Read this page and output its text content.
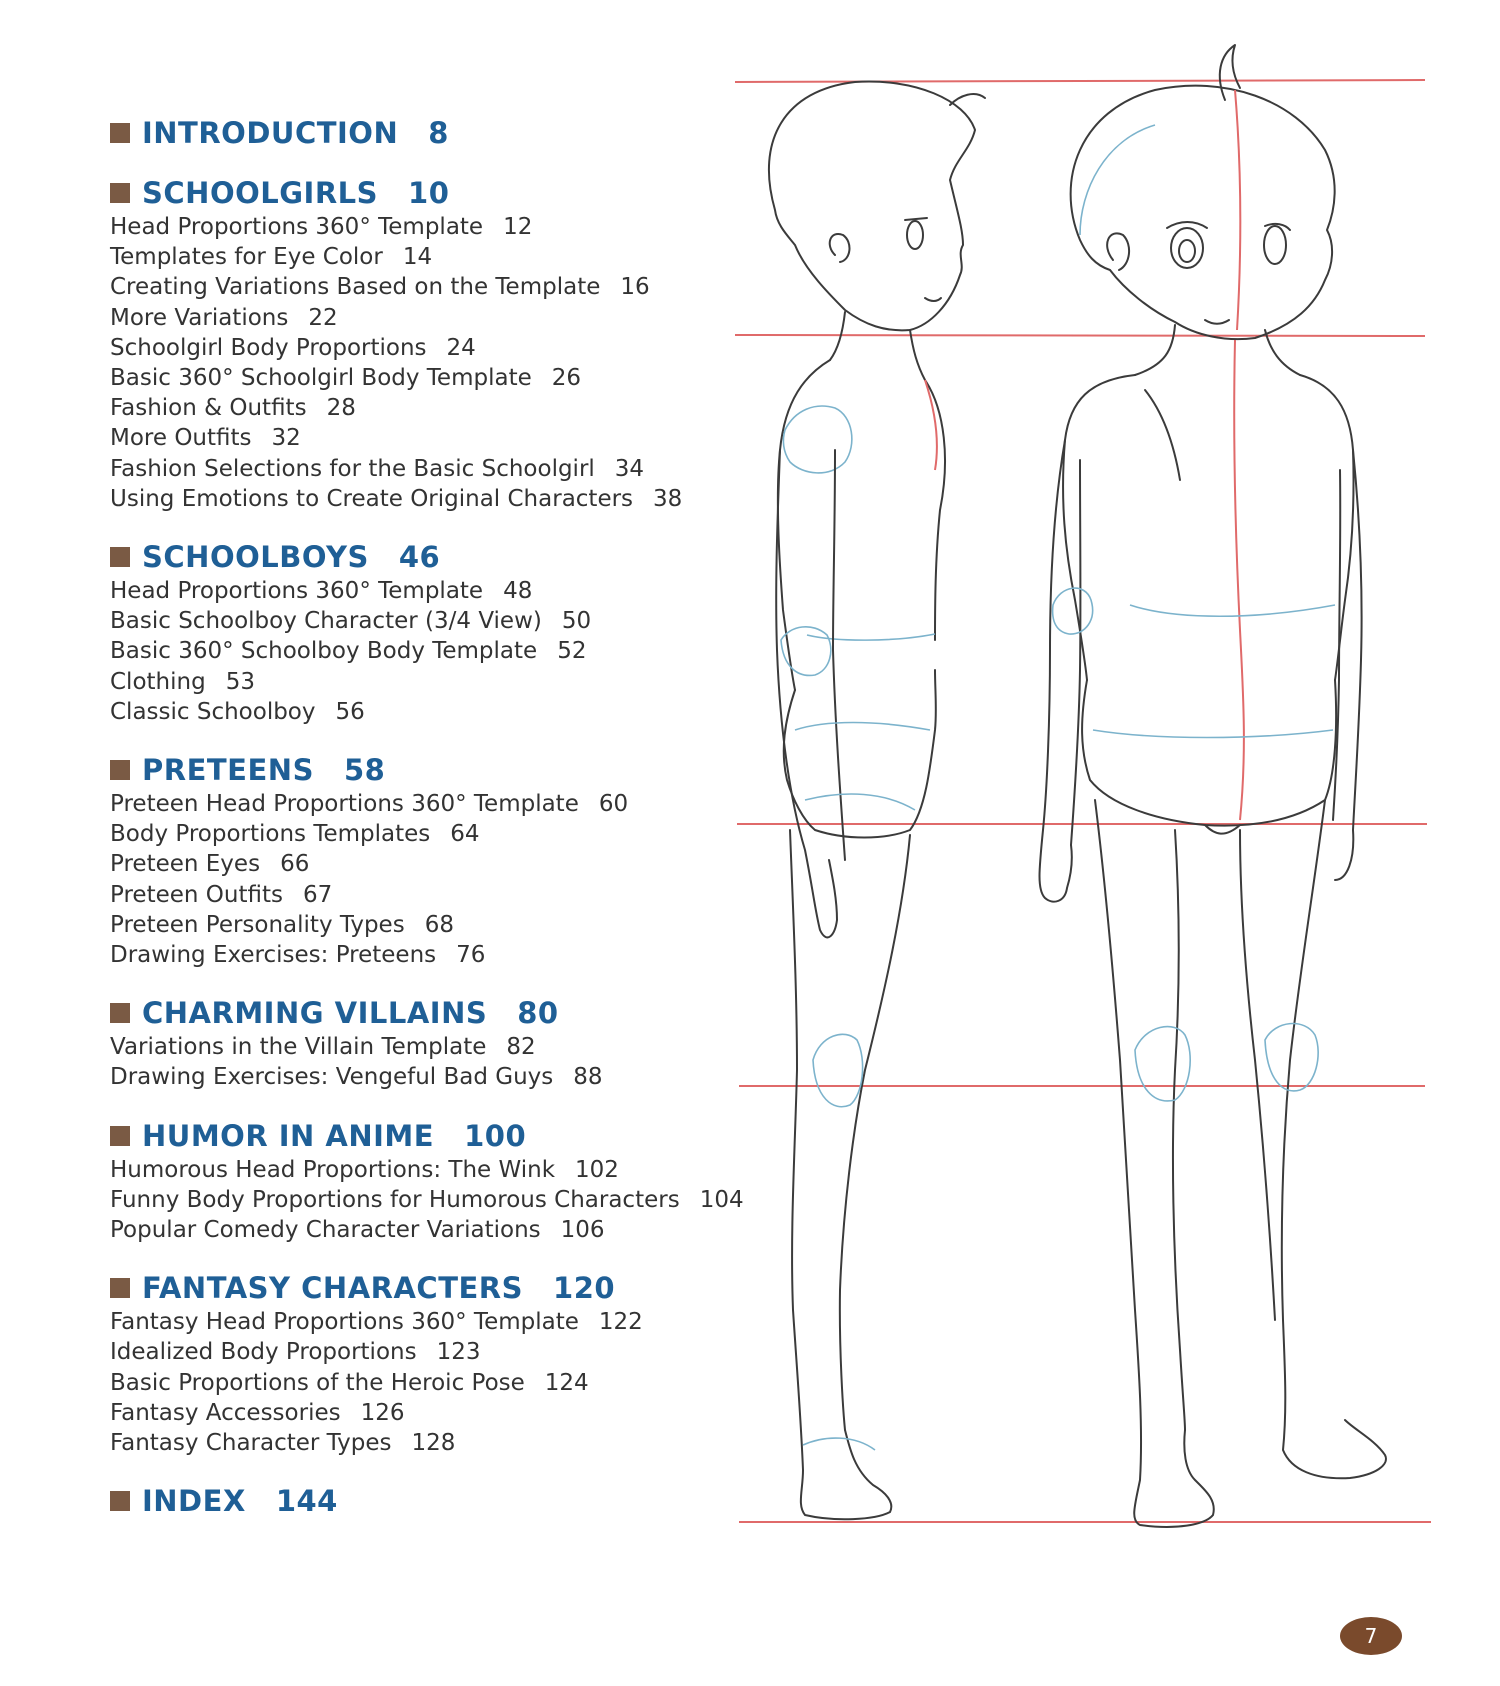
INTRODUCTION 8
SCHOOLGIRLS 10
Head Proportions 360° Template 12
Templates for Eye Color 14
Creating Variations Based on the Template 16
More Variations 22
Schoolgirl Body Proportions 24
Basic 360° Schoolgirl Body Template 26
Fashion & Outfits 28
More Outfits 32
Fashion Selections for the Basic Schoolgirl 34
Using Emotions to Create Original Characters 38
SCHOOLBOYS 46
Head Proportions 360° Template 48
Basic Schoolboy Character (3/4 View) 50
Basic 360° Schoolboy Body Template 52
Clothing 53
Classic Schoolboy 56
PRETEENS 58
Preteen Head Proportions 360° Template 60
Body Proportions Templates 64
Preteen Eyes 66
Preteen Outfits 67
Preteen Personality Types 68
Drawing Exercises: Preteens 76
CHARMING VILLAINS 80
Variations in the Villain Template 82
Drawing Exercises: Vengeful Bad Guys 88
HUMOR IN ANIME 100
Humorous Head Proportions: The Wink 102
Funny Body Proportions for Humorous Characters 104
Popular Comedy Character Variations 106
FANTASY CHARACTERS 120
Fantasy Head Proportions 360° Template 122
Idealized Body Proportions 123
Basic Proportions of the Heroic Pose 124
Fantasy Accessories 126
Fantasy Character Types 128
INDEX 144
7
